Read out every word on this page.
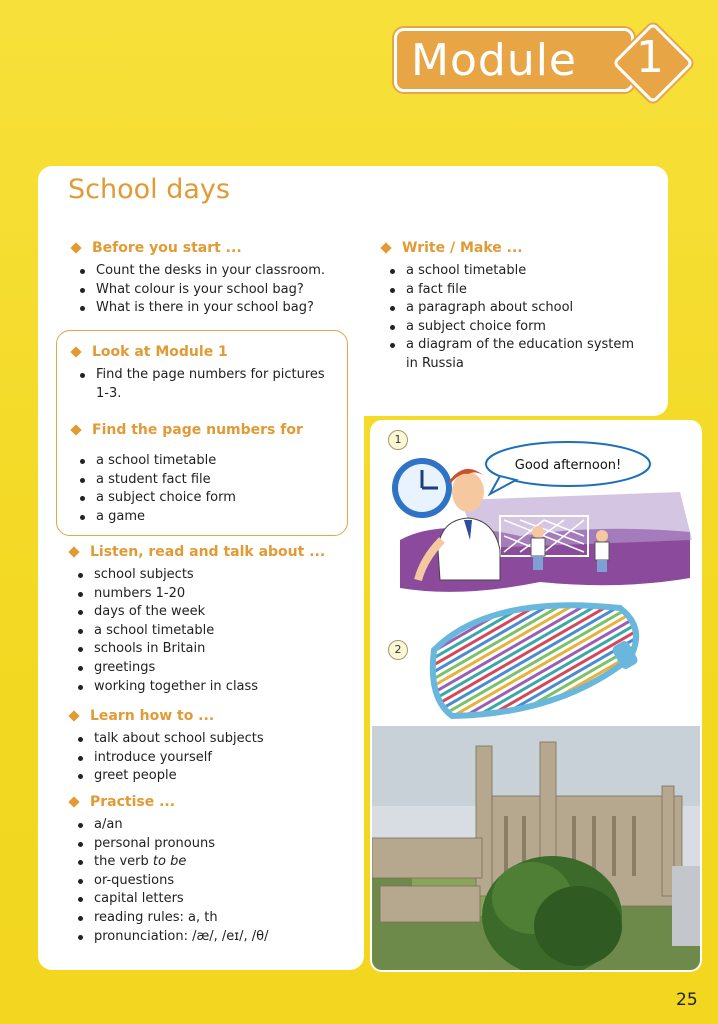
Module	1
School days
Before you start ...
Count the desks in your classroom.
What colour is your school bag?
What is there in your school bag?
Look at Module 1
Find the page numbers for pictures 1-3.
Find the page numbers for
a school timetable
a student fact file
a subject choice form
a game
Listen, read and talk about ...
school subjects
numbers 1-20
days of the week
a school timetable
schools in Britain
greetings
working together in class
Learn how to ...
talk about school subjects
introduce yourself
greet people
Practise ...
a/an
personal pronouns
the verb to be
or-questions
capital letters
reading rules: a, th
pronunciation: /æ/, /eɪ/, /θ/
Write / Make ...
a school timetable
a fact file
a paragraph about school
a subject choice form
a diagram of the education system in Russia
1
Good afternoon!
2
25
